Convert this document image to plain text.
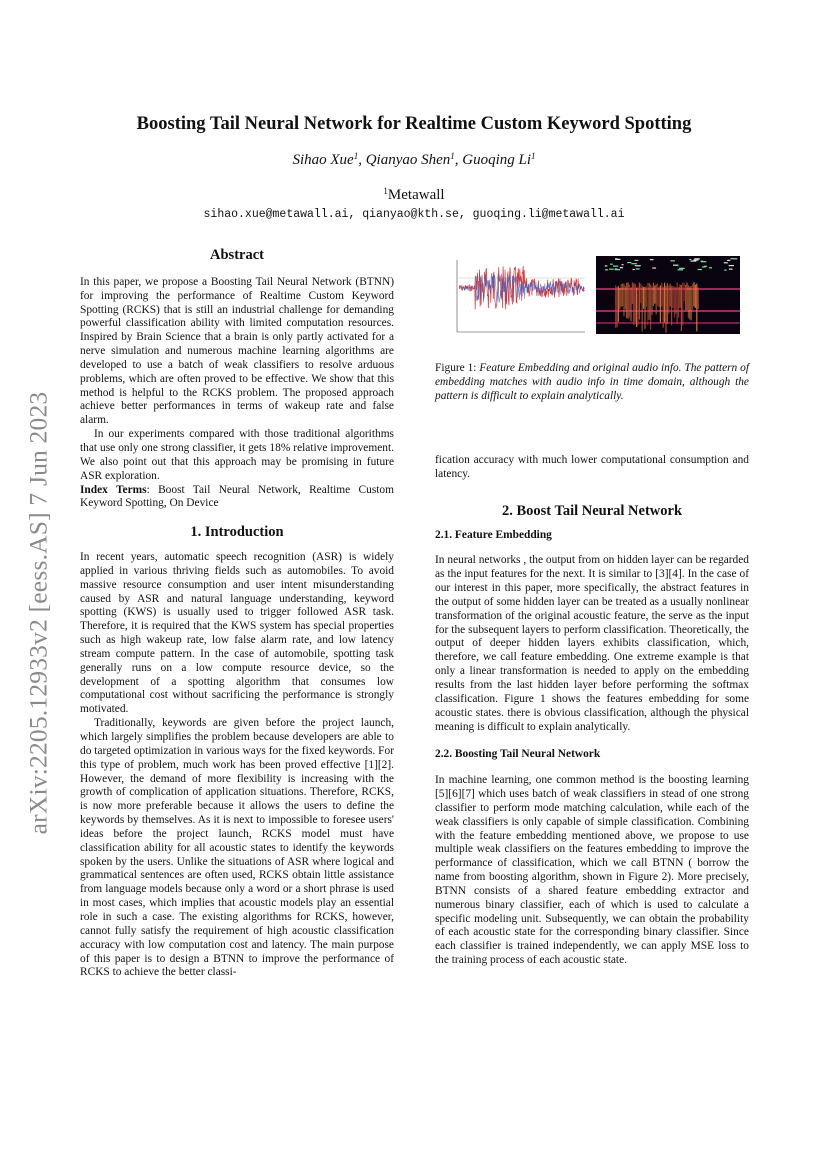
arXiv:2205.12933v2 [eess.AS] 7 Jun 2023
Boosting Tail Neural Network for Realtime Custom Keyword Spotting
Sihao Xue$^1$, Qianyao Shen$^1$, Guoqing Li$^1$
$^1$Metawall
sihao.xue@metawall.ai, qianyao@kth.se, guoqing.li@metawall.ai
Abstract

In this paper, we propose a Boosting Tail Neural Network (BTNN) for improving the performance of Realtime Custom Keyword Spotting (RCKS) that is still an industrial challenge for demanding powerful classification ability with limited computation resources. Inspired by Brain Science that a brain is only partly activated for a nerve simulation and numerous machine learning algorithms are developed to use a batch of weak classifiers to resolve arduous problems, which are often proved to be effective. We show that this method is helpful to the RCKS problem. The proposed approach achieve better performances in terms of wakeup rate and false alarm.

In our experiments compared with those traditional algorithms that use only one strong classifier, it gets 18% relative improvement. We also point out that this approach may be promising in future ASR exploration.

Index Terms: Boost Tail Neural Network, Realtime Custom Keyword Spotting, On Device

1. Introduction

In recent years, automatic speech recognition (ASR) is widely applied in various thriving fields such as automobiles. To avoid massive resource consumption and user intent misunderstanding caused by ASR and natural language understanding, keyword spotting (KWS) is usually used to trigger followed ASR task. Therefore, it is required that the KWS system has special properties such as high wakeup rate, low false alarm rate, and low latency stream compute pattern. In the case of automobile, spotting task generally runs on a low compute resource device, so the development of a spotting algorithm that consumes low computational cost without sacrificing the performance is strongly motivated.

Traditionally, keywords are given before the project launch, which largely simplifies the problem because developers are able to do targeted optimization in various ways for the fixed keywords. For this type of problem, much work has been proved effective [1][2]. However, the demand of more flexibility is increasing with the growth of complication of application situations. Therefore, RCKS, is now more preferable because it allows the users to define the keywords by themselves. As it is next to impossible to foresee users' ideas before the project launch, RCKS model must have classification ability for all acoustic states to identify the keywords spoken by the users. Unlike the situations of ASR where logical and grammatical sentences are often used, RCKS obtain little assistance from language models because only a word or a short phrase is used in most cases, which implies that acoustic models play an essential role in such a case. The existing algorithms for RCKS, however, cannot fully satisfy the requirement of high acoustic classification accuracy with low computation cost and latency. The main purpose of this paper is to design a BTNN to improve the performance of RCKS to achieve the better classi-

Figure 1: Feature Embedding and original audio info. The pattern of embedding matches with audio info in time domain, although the pattern is difficult to explain analytically.

fication accuracy with much lower computational consumption and latency.

2. Boost Tail Neural Network
2.1. Feature Embedding

In neural networks , the output from on hidden layer can be regarded as the input features for the next. It is similar to [3][4]. In the case of our interest in this paper, more specifically, the abstract features in the output of some hidden layer can be treated as a usually nonlinear transformation of the original acoustic feature, the serve as the input for the subsequent layers to perform classification. Theoretically, the output of deeper hidden layers exhibits classification, which, therefore, we call feature embedding. One extreme example is that only a linear transformation is needed to apply on the embedding results from the last hidden layer before performing the softmax classification. Figure 1 shows the features embedding for some acoustic states. there is obvious classification, although the physical meaning is difficult to explain analytically.

2.2. Boosting Tail Neural Network

In machine learning, one common method is the boosting learning [5][6][7] which uses batch of weak classifiers in stead of one strong classifier to perform mode matching calculation, while each of the weak classifiers is only capable of simple classification. Combining with the feature embedding mentioned above, we propose to use multiple weak classifiers on the features embedding to improve the performance of classification, which we call BTNN ( borrow the name from boosting algorithm, shown in Figure 2). More precisely, BTNN consists of a shared feature embedding extractor and numerous binary classifier, each of which is used to calculate a specific modeling unit. Subsequently, we can obtain the probability of each acoustic state for the corresponding binary classifier. Since each classifier is trained independently, we can apply MSE loss to the training process of each acoustic state.
